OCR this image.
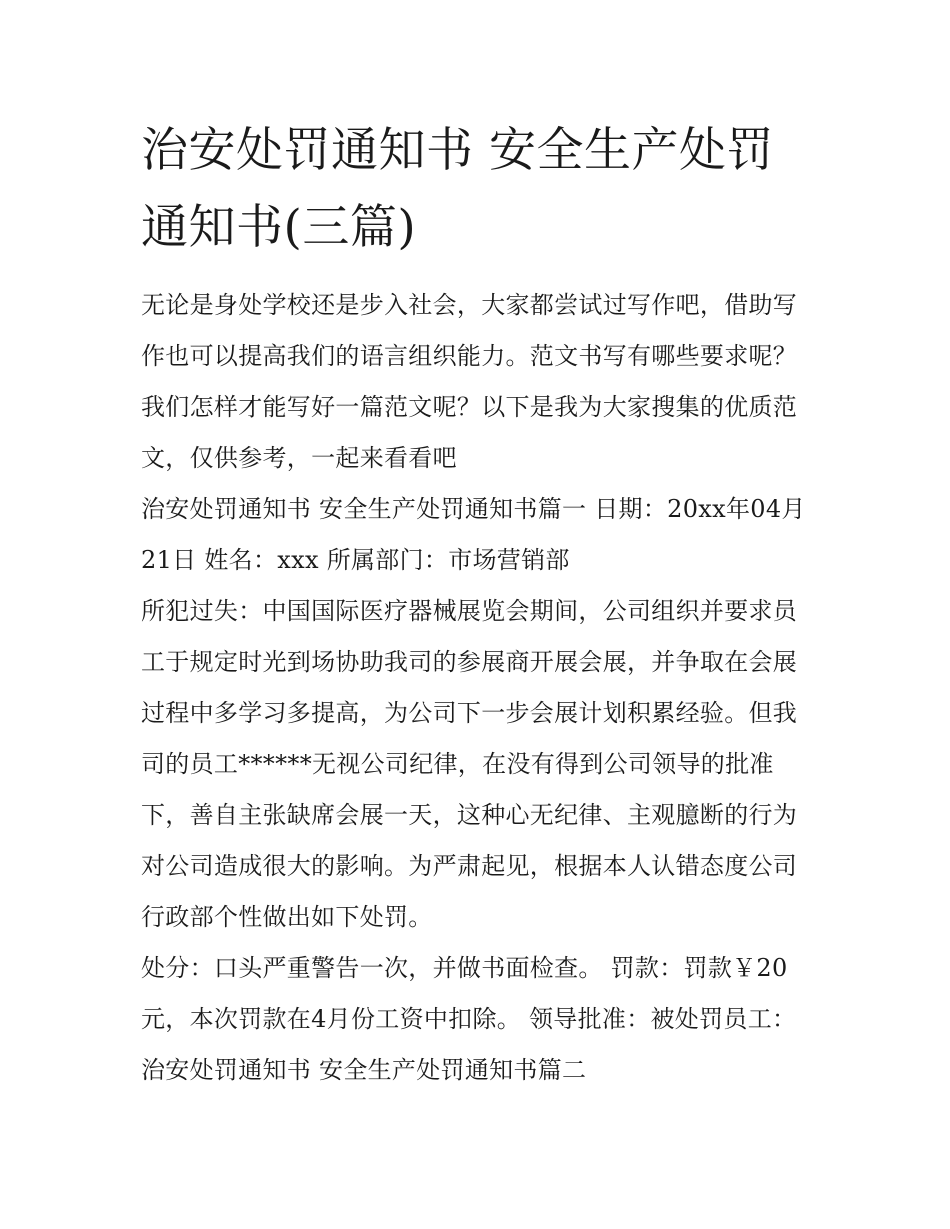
治安处罚通知书 安全生产处罚通知书(三篇)

无论是身处学校还是步入社会，大家都尝试过写作吧，借助写作也可以提高我们的语言组织能力。范文书写有哪些要求呢？我们怎样才能写好一篇范文呢？以下是我为大家搜集的优质范文，仅供参考，一起来看看吧

治安处罚通知书 安全生产处罚通知书篇一 日期：20xx年04月21日 姓名：xxx 所属部门：市场营销部

所犯过失：中国国际医疗器械展览会期间，公司组织并要求员工于规定时光到场协助我司的参展商开展会展，并争取在会展过程中多学习多提高，为公司下一步会展计划积累经验。但我司的员工******无视公司纪律，在没有得到公司领导的批准下，善自主张缺席会展一天，这种心无纪律、主观臆断的行为对公司造成很大的影响。为严肃起见，根据本人认错态度公司行政部个性做出如下处罚。

处分：口头严重警告一次，并做书面检查。 罚款：罚款￥20元，本次罚款在4月份工资中扣除。 领导批准：被处罚员工： 治安处罚通知书 安全生产处罚通知书篇二
